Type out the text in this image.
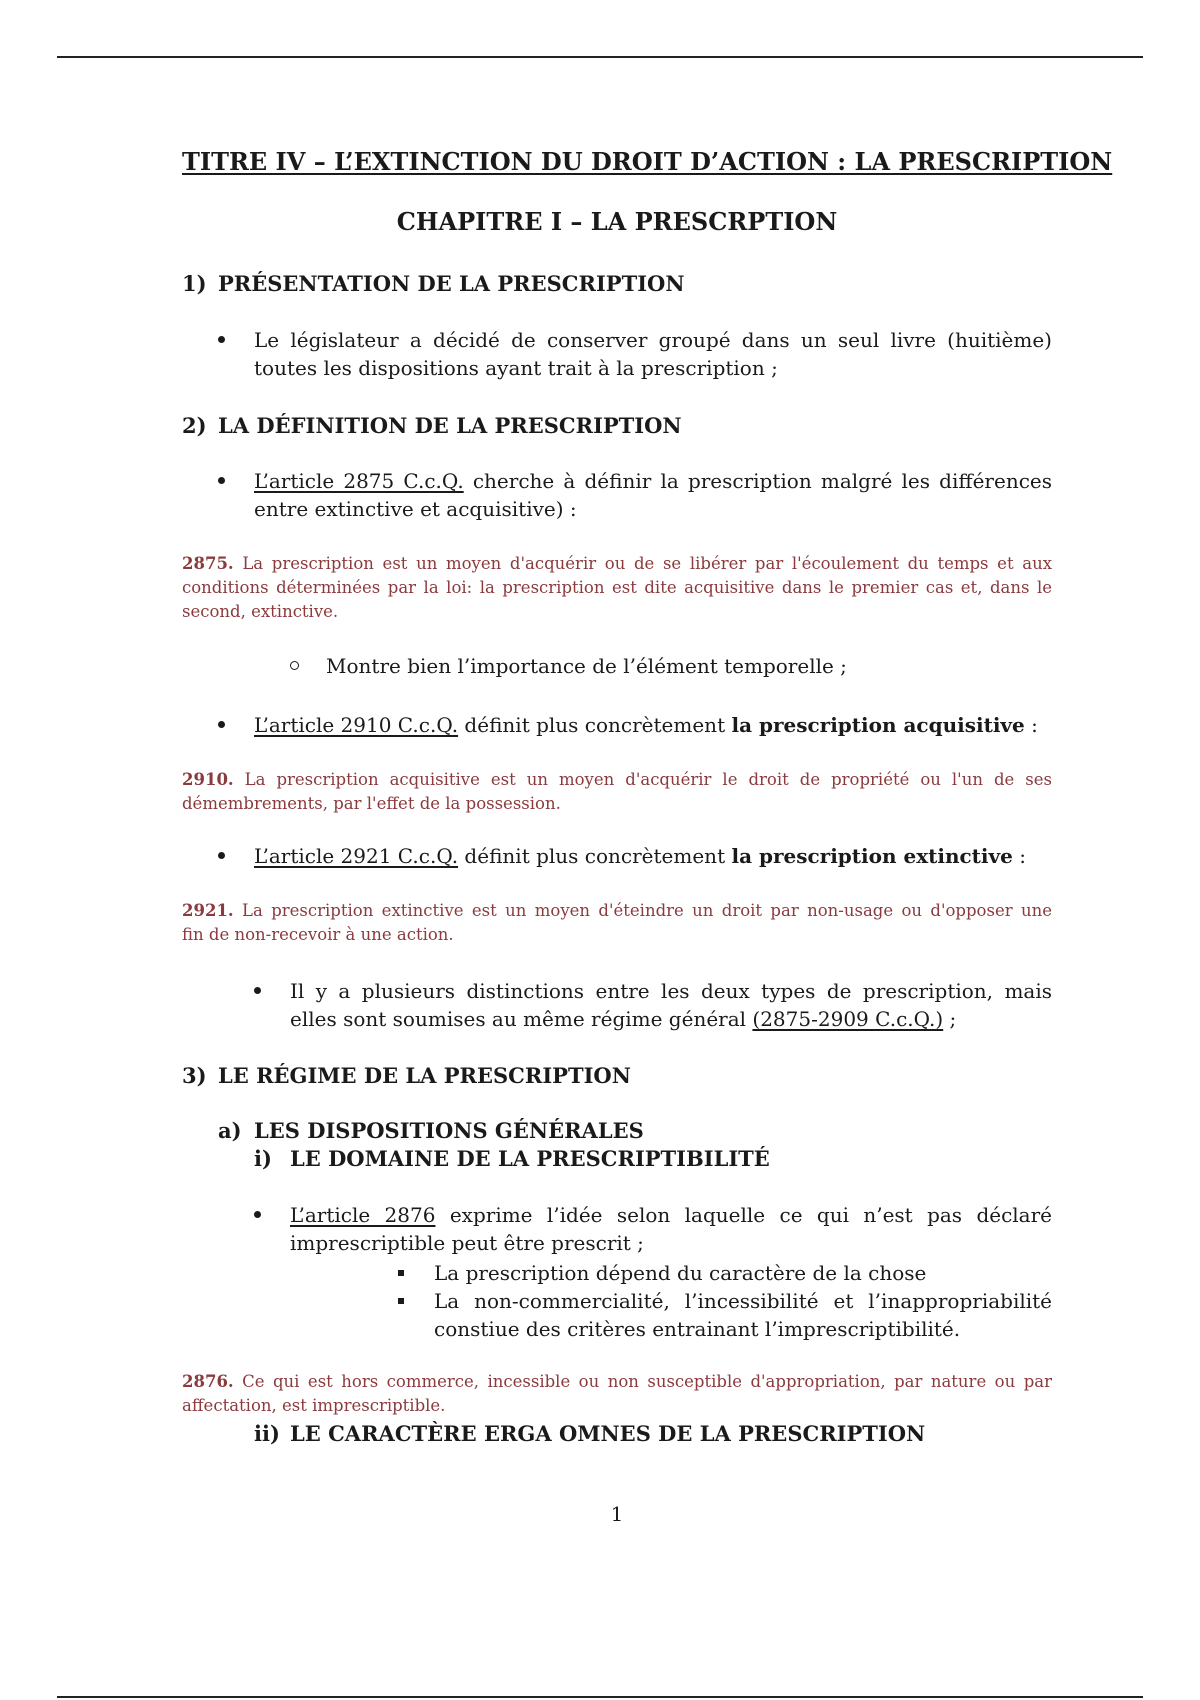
TITRE IV – L’EXTINCTION DU DROIT D’ACTION : LA PRESCRIPTION
CHAPITRE I – LA PRESCRPTION
1) PRÉSENTATION DE LA PRESCRIPTION
Le législateur a décidé de conserver groupé dans un seul livre (huitième)
toutes les dispositions ayant trait à la prescription ;
2) LA DÉFINITION DE LA PRESCRIPTION
L’article 2875 C.c.Q. cherche à définir la prescription malgré les différences
entre extinctive et acquisitive) :
2875. La prescription est un moyen d'acquérir ou de se libérer par l'écoulement du temps et aux
conditions déterminées par la loi: la prescription est dite acquisitive dans le premier cas et, dans le
second, extinctive.
Montre bien l’importance de l’élément temporelle ;
L’article 2910 C.c.Q. définit plus concrètement la prescription acquisitive :
2910. La prescription acquisitive est un moyen d'acquérir le droit de propriété ou l'un de ses
démembrements, par l'effet de la possession.
L’article 2921 C.c.Q. définit plus concrètement la prescription extinctive :
2921. La prescription extinctive est un moyen d'éteindre un droit par non-usage ou d'opposer une
fin de non-recevoir à une action.
Il y a plusieurs distinctions entre les deux types de prescription, mais
elles sont soumises au même régime général (2875-2909 C.c.Q.) ;
3) LE RÉGIME DE LA PRESCRIPTION
a) LES DISPOSITIONS GÉNÉRALES
i) LE DOMAINE DE LA PRESCRIPTIBILITÉ
L’article 2876 exprime l’idée selon laquelle ce qui n’est pas déclaré
imprescriptible peut être prescrit ;
La prescription dépend du caractère de la chose
La non-commercialité, l’incessibilité et l’inappropriabilité
constiue des critères entrainant l’imprescriptibilité.
2876. Ce qui est hors commerce, incessible ou non susceptible d'appropriation, par nature ou par
affectation, est imprescriptible.
ii) LE CARACTÈRE ERGA OMNES DE LA PRESCRIPTION
1
